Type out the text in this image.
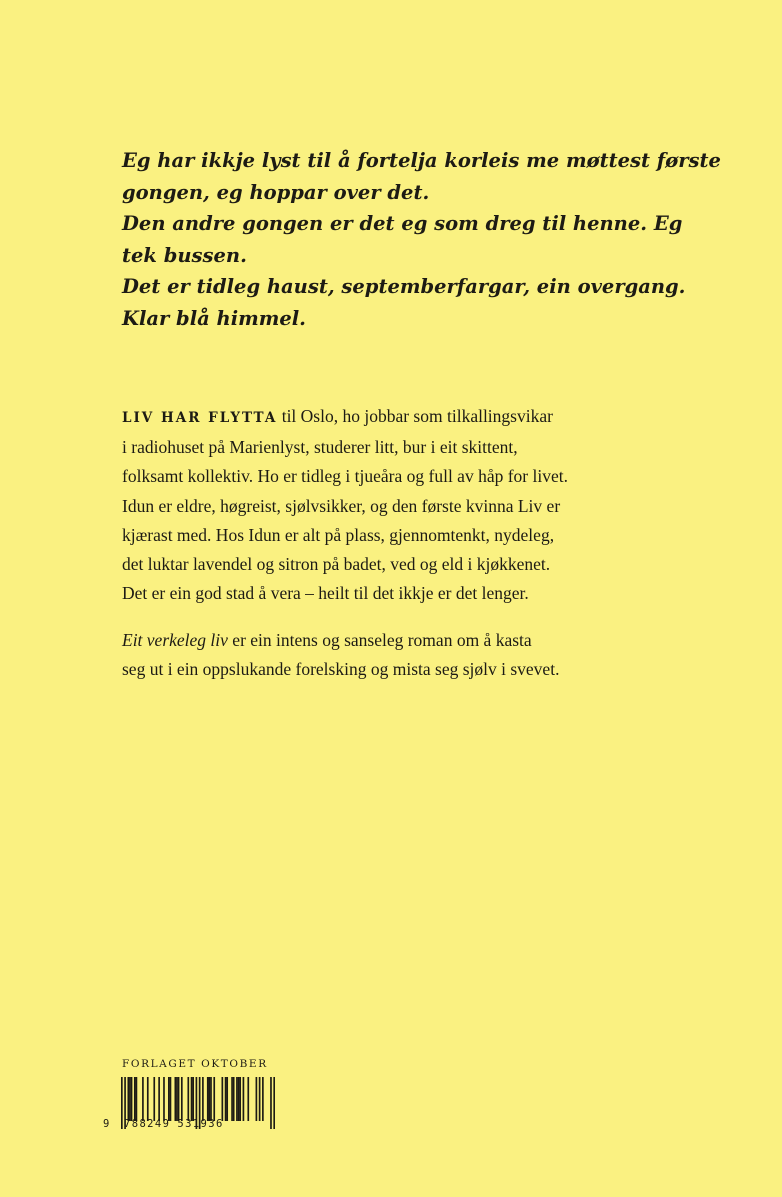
Eg har ikkje lyst til å fortelja korleis me møttest første
gongen, eg hoppar over det.
Den andre gongen er det eg som dreg til henne. Eg
tek bussen.
Det er tidleg haust, septemberfargar, ein overgang.
Klar blå himmel.
LIV HAR FLYTTA til Oslo, ho jobbar som tilkallingsvikar
i radiohuset på Marienlyst, studerer litt, bur i eit skittent,
folksamt kollektiv. Ho er tidleg i tjueåra og full av håp for livet.
Idun er eldre, høgreist, sjølvsikker, og den første kvinna Liv er
kjærast med. Hos Idun er alt på plass, gjennomtenkt, nydeleg,
det luktar lavendel og sitron på badet, ved og eld i kjøkkenet.
Det er ein god stad å vera – heilt til det ikkje er det lenger.
Eit verkeleg liv er ein intens og sanseleg roman om å kasta
seg ut i ein oppslukande forelsking og mista seg sjølv i svevet.
FORLAGET OKTOBER
9	788249 531936
